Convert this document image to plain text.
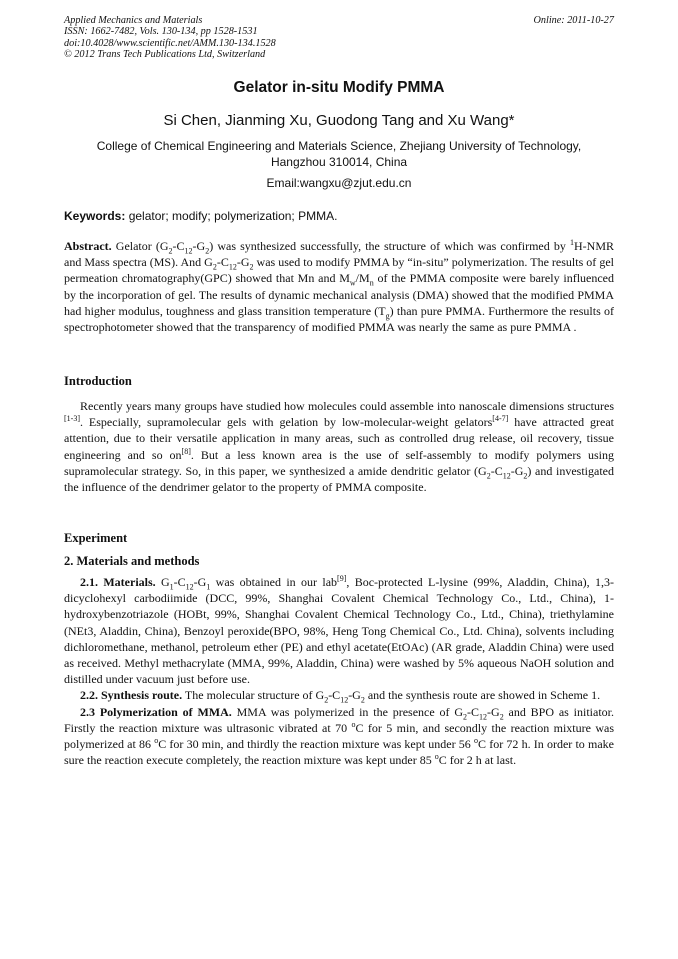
Applied Mechanics and Materials
ISSN: 1662-7482, Vols. 130-134, pp 1528-1531
doi:10.4028/www.scientific.net/AMM.130-134.1528
© 2012 Trans Tech Publications Ltd, Switzerland
Online: 2011-10-27
Gelator in-situ Modify PMMA
Si Chen, Jianming Xu, Guodong Tang and Xu Wang*
College of Chemical Engineering and Materials Science, Zhejiang University of Technology,
Hangzhou 310014, China
Email:wangxu@zjut.edu.cn
Keywords: gelator; modify; polymerization; PMMA.

Abstract. Gelator $(G_2-C_{12}-G_2)$ was synthesized successfully, the structure of which was confirmed by $^1$H-NMR and Mass spectra (MS). And $G_2-C_{12}-G_2$ was used to modify PMMA by “in-situ” polymerization. The results of gel permeation chromatography(GPC) showed that Mn and $M_w/M_n$ of the PMMA composite were barely influenced by the incorporation of gel. The results of dynamic mechanical analysis (DMA) showed that the modified PMMA had higher modulus, toughness and glass transition temperature $(T_g)$ than pure PMMA. Furthermore the results of spectrophotometer showed that the transparency of modified PMMA was nearly the same as pure PMMA .

Introduction

Recently years many groups have studied how molecules could assemble into nanoscale dimensions structures [1-3]. Especially, supramolecular gels with gelation by low-molecular-weight gelators[4-7] have attracted great attention, due to their versatile application in many areas, such as controlled drug release, oil recovery, tissue engineering and so on[8]. But a less known area is the use of self-assembly to modify polymers using supramolecular strategy. So, in this paper, we synthesized a amide dendritic gelator $(G_2-C_{12}-G_2)$ and investigated the influence of the dendrimer gelator to the property of PMMA composite.

Experiment
2. Materials and methods

2.1. Materials. $G_1-C_{12}-G_1$ was obtained in our lab[9], Boc-protected L-lysine (99%, Aladdin, China), 1,3-dicyclohexyl carbodiimide (DCC, 99%, Shanghai Covalent Chemical Technology Co., Ltd., China), 1-hydroxybenzotriazole (HOBt, 99%, Shanghai Covalent Chemical Technology Co., Ltd., China), triethylamine (NEt3, Aladdin, China), Benzoyl peroxide(BPO, 98%, Heng Tong Chemical Co., Ltd. China), solvents including dichloromethane, methanol, petroleum ether (PE) and ethyl acetate(EtOAc) (AR grade, Aladdin China) were used as received. Methyl methacrylate (MMA, 99%, Aladdin, China) were washed by 5% aqueous NaOH solution and distilled under vacuum just before use.

2.2. Synthesis route. The molecular structure of $G_2-C_{12}-G_2$ and the synthesis route are showed in Scheme 1.

2.3 Polymerization of MMA. MMA was polymerized in the presence of $G_2-C_{12}-G_2$ and BPO as initiator. Firstly the reaction mixture was ultrasonic vibrated at 70 $^o$C for 5 min, and secondly the reaction mixture was polymerized at 86 $^o$C for 30 min, and thirdly the reaction mixture was kept under 56 $^o$C for 72 h. In order to make sure the reaction execute completely, the reaction mixture was kept under 85 $^o$C for 2 h at last.
